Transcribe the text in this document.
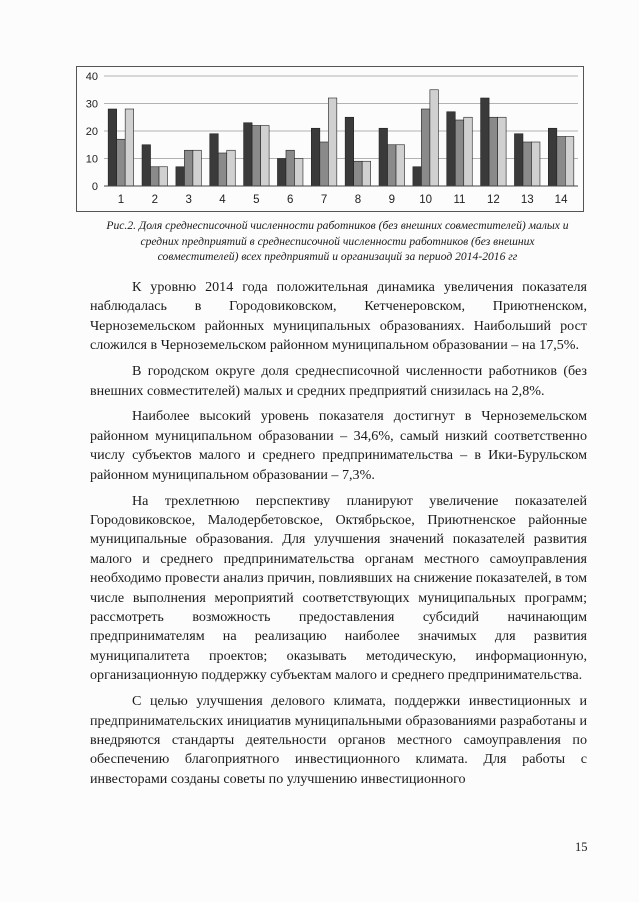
0
10
20
30
40
1 2 3 4 5 6 7 8 9 10 11 12 13 14
Рис.2. Доля среднесписочной численности работников (без внешних совместителей) малых и средних предприятий в среднесписочной численности работников (без внешних совместителей) всех предприятий и организаций за период 2014-2016 гг

К уровню 2014 года положительная динамика увеличения показателя наблюдалась в Городовиковском, Кетченеровском, Приютненском, Черноземельском районных муниципальных образованиях. Наибольший рост сложился в Черноземельском районном муниципальном образовании – на 17,5%.

В городском округе доля среднесписочной численности работников (без внешних совместителей) малых и средних предприятий снизилась на 2,8%.

Наиболее высокий уровень показателя достигнут в Черноземельском районном муниципальном образовании – 34,6%, самый низкий соответственно числу субъектов малого и среднего предпринимательства – в Ики-Бурульском районном муниципальном образовании – 7,3%.

На трехлетнюю перспективу планируют увеличение показателей Городовиковское, Малодербетовское, Октябрьское, Приютненское районные муниципальные образования. Для улучшения значений показателей развития малого и среднего предпринимательства органам местного самоуправления необходимо провести анализ причин, повлиявших на снижение показателей, в том числе выполнения мероприятий соответствующих муниципальных программ; рассмотреть возможность предоставления субсидий начинающим предпринимателям на реализацию наиболее значимых для развития муниципалитета проектов; оказывать методическую, информационную, организационную поддержку субъектам малого и среднего предпринимательства.

С целью улучшения делового климата, поддержки инвестиционных и предпринимательских инициатив муниципальными образованиями разработаны и внедряются стандарты деятельности органов местного самоуправления по обеспечению благоприятного инвестиционного климата. Для работы с инвесторами созданы советы по улучшению инвестиционного

15
